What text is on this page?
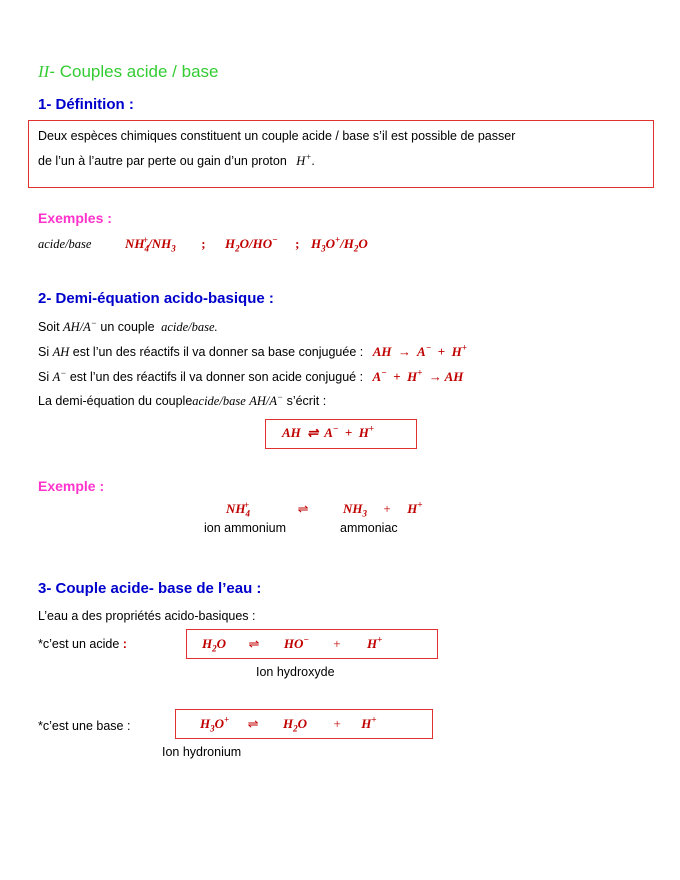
II- Couples acide / base
1- Définition :
Deux espèces chimiques constituent un couple acide / base s’il est possible de passer
de l’un à l’autre par perte ou gain d’un proton H+.
Exemples :
acide/base	$NH_4^+/NH_3$ ; $H_2O/HO^-$ ; $H_3O^+/H_2O$
2- Demi-équation acido-basique :
Soit AH/A− un couple acide/base.
Si AH est l’un des réactifs il va donner sa base conjuguée : AH  →  A−  +  H+
Si A− est l’un des réactifs il va donner son acide conjugué : A−  +  H+  → AH
La demi-équation du coupleacide/base AH/A− s’écrit :
AH  ⇌  A−  +  H+
Exemple :
$NH_4^+$	⇌	$NH_3 + H^+$
ion ammonium	ammoniac
3- Couple acide- base de l’eau :
L’eau a des propriétés acido-basiques :
*c’est un acide :	$H_2O$ ⇌ HO− + H+
Ion hydroxyde
*c’est une base :	$H_3O^+$ ⇌ $H_2O + H^+$
Ion hydronium
